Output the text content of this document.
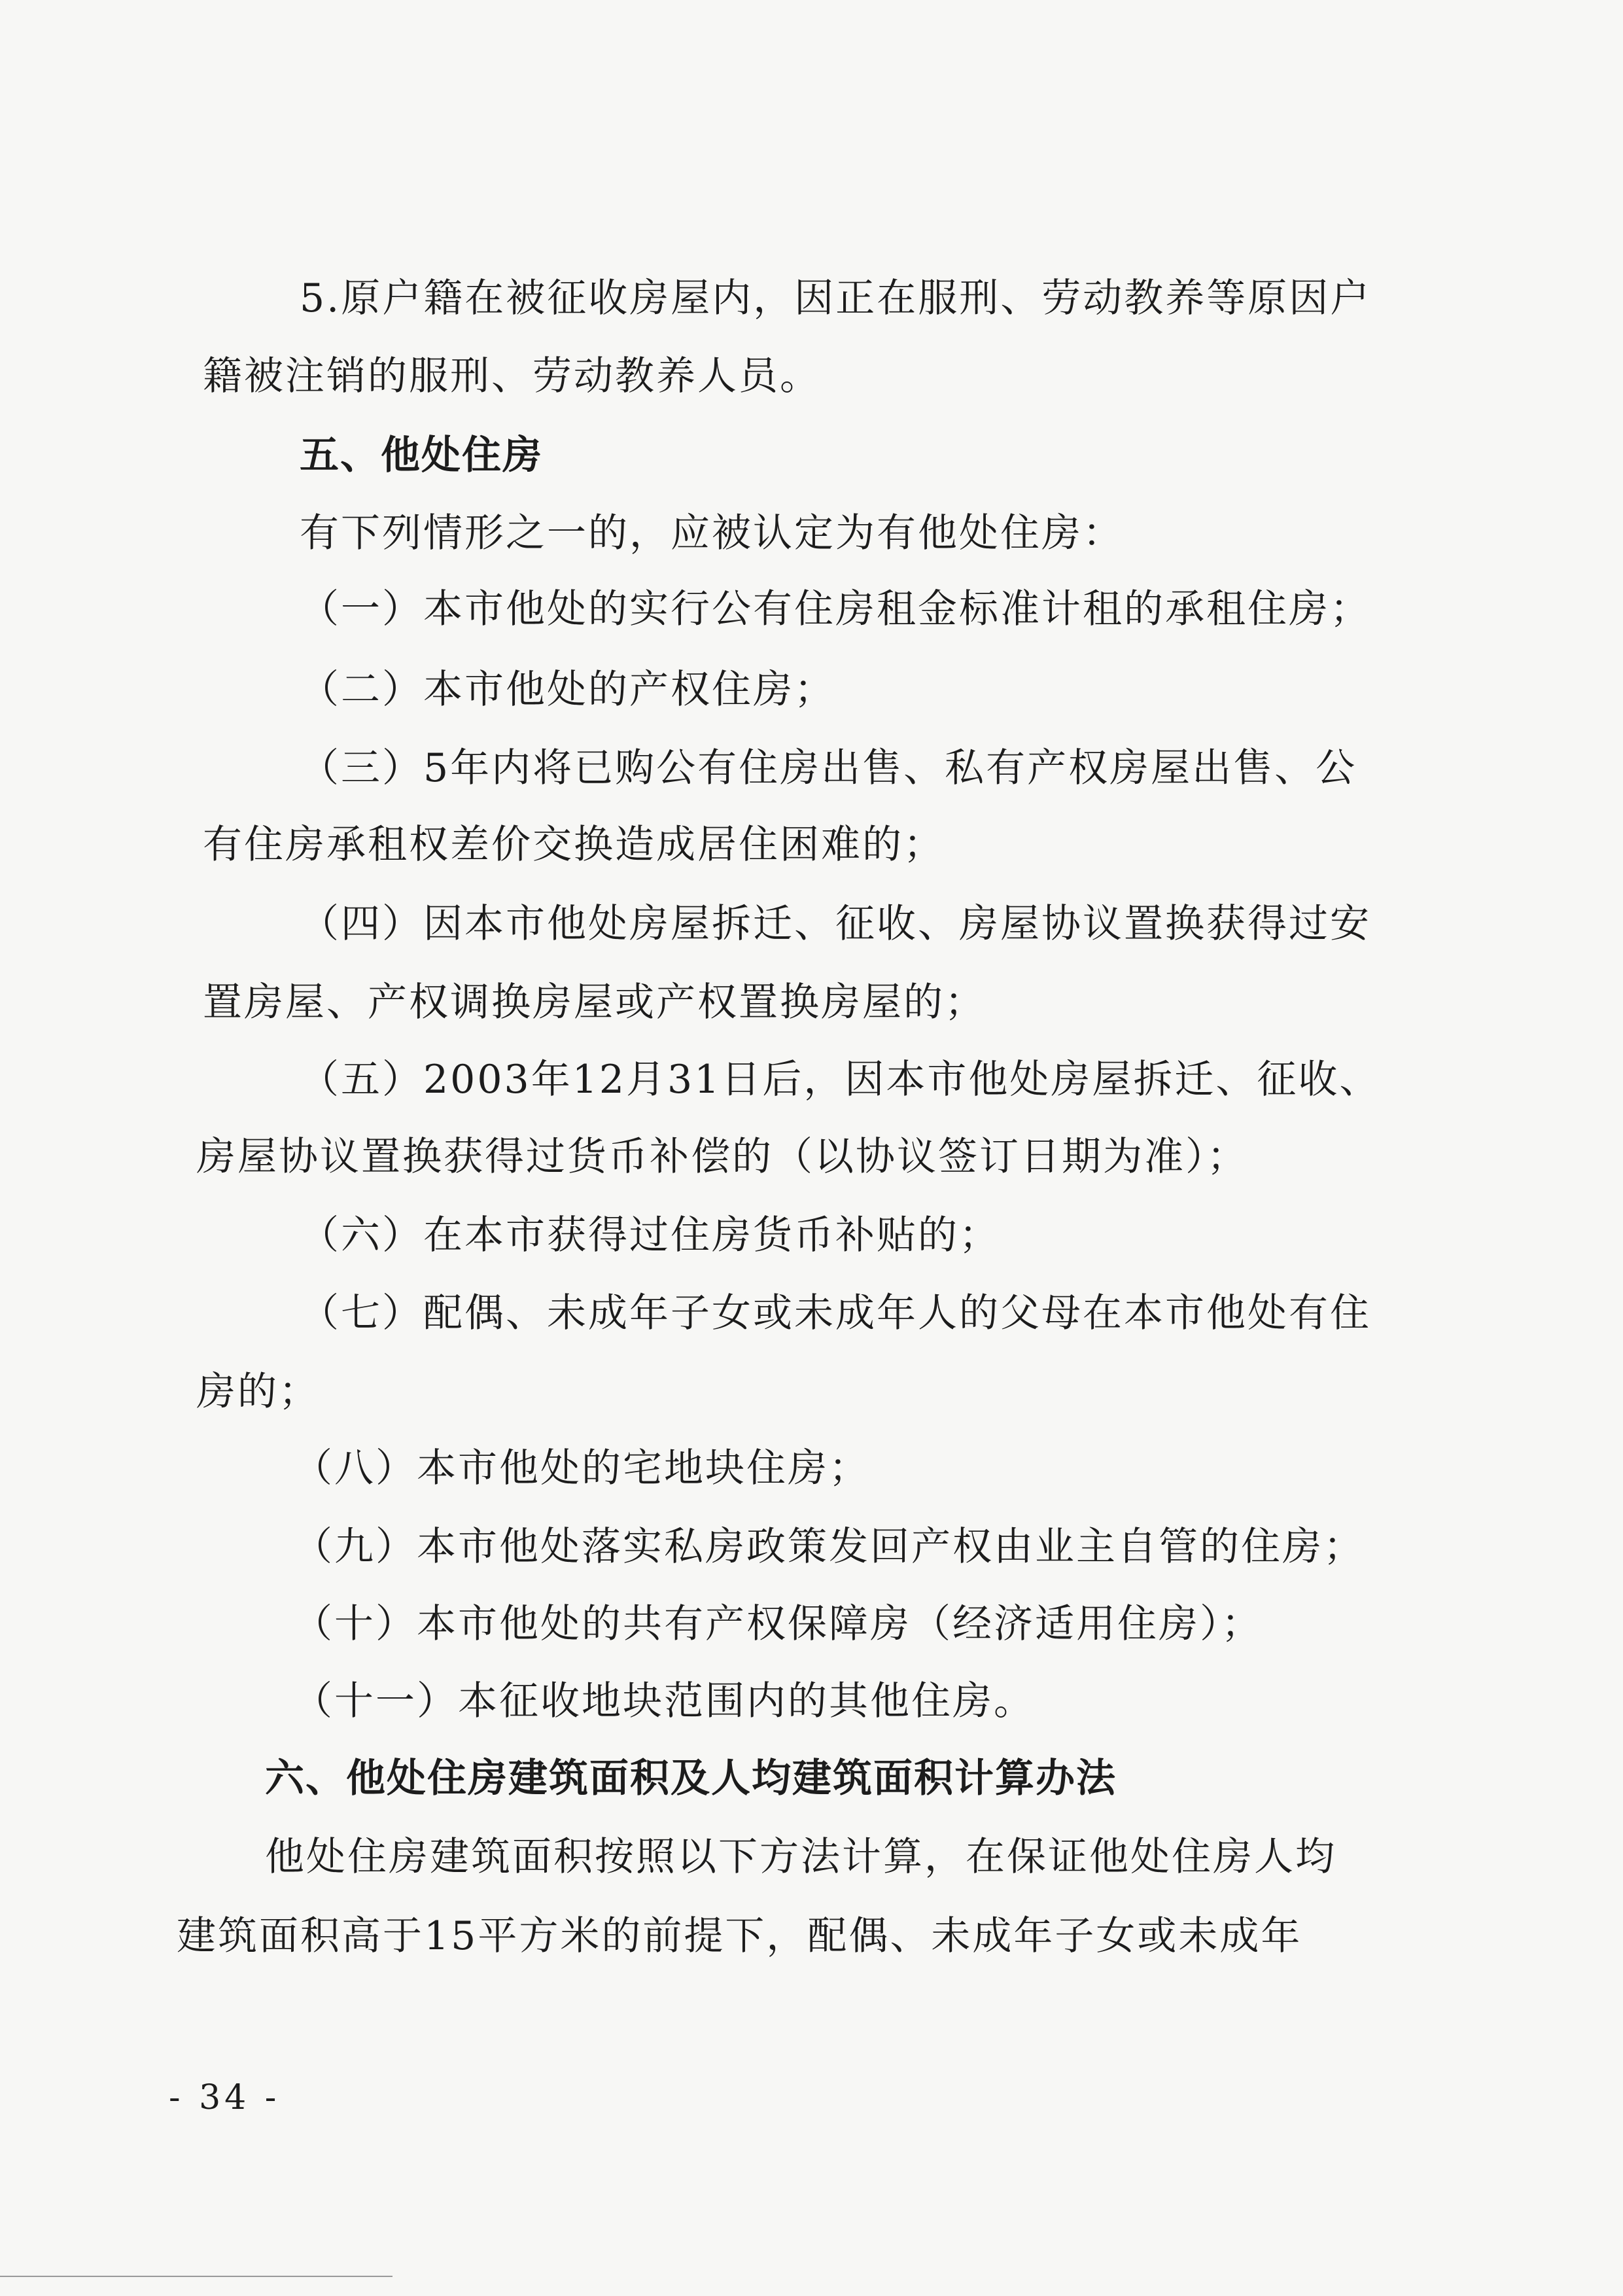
5.原户籍在被征收房屋内，因正在服刑、劳动教养等原因户
籍被注销的服刑、劳动教养人员。
五、他处住房
有下列情形之一的，应被认定为有他处住房：
（一）本市他处的实行公有住房租金标准计租的承租住房；
（二）本市他处的产权住房；
（三）5年内将已购公有住房出售、私有产权房屋出售、公
有住房承租权差价交换造成居住困难的；
（四）因本市他处房屋拆迁、征收、房屋协议置换获得过安
置房屋、产权调换房屋或产权置换房屋的；
（五）2003年12月31日后，因本市他处房屋拆迁、征收、
房屋协议置换获得过货币补偿的（以协议签订日期为准）；
（六）在本市获得过住房货币补贴的；
（七）配偶、未成年子女或未成年人的父母在本市他处有住
房的；
（八）本市他处的宅地块住房；
（九）本市他处落实私房政策发回产权由业主自管的住房；
（十）本市他处的共有产权保障房（经济适用住房）；
（十一）本征收地块范围内的其他住房。
六、他处住房建筑面积及人均建筑面积计算办法
他处住房建筑面积按照以下方法计算，在保证他处住房人均
建筑面积高于15平方米的前提下，配偶、未成年子女或未成年
- 34 -
